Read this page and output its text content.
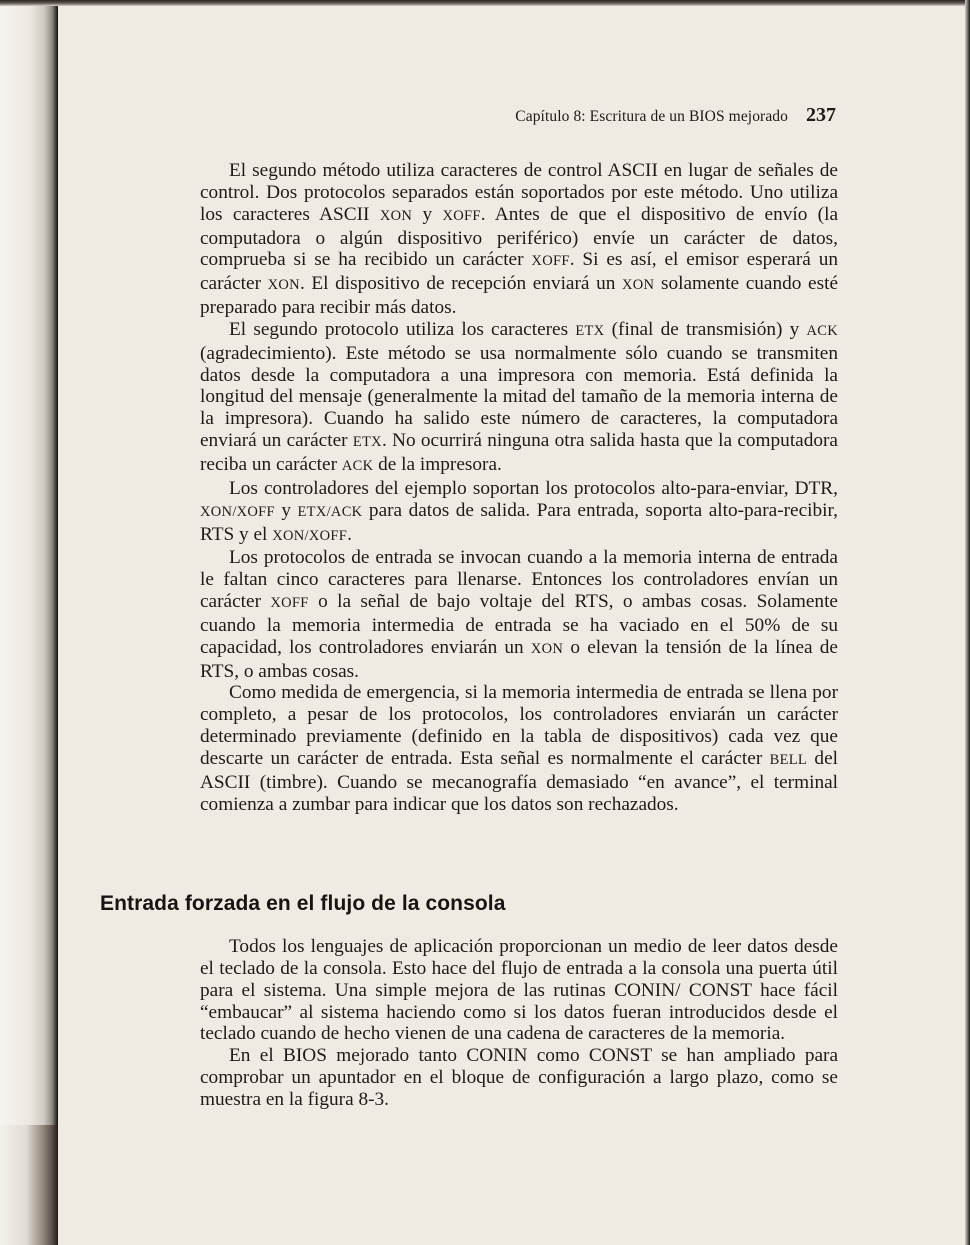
Capítulo 8: Escritura de un BIOS mejorado 237

El segundo método utiliza caracteres de control ASCII en lugar de señales de control. Dos protocolos separados están soportados por este método. Uno utiliza los caracteres ASCII XON y XOFF. Antes de que el dispositivo de envío (la computadora o algún dispositivo periférico) envíe un carácter de datos, comprueba si se ha recibido un carácter XOFF. Si es así, el emisor esperará un carácter XON. El dispositivo de recepción enviará un XON solamente cuando esté preparado para recibir más datos.

El segundo protocolo utiliza los caracteres ETX (final de transmisión) y ACK (agradecimiento). Este método se usa normalmente sólo cuando se transmiten datos desde la computadora a una impresora con memoria. Está definida la longitud del mensaje (generalmente la mitad del tamaño de la memoria interna de la impresora). Cuando ha salido este número de caracteres, la computadora enviará un carácter ETX. No ocurrirá ninguna otra salida hasta que la computadora reciba un carácter ACK de la impresora.

Los controladores del ejemplo soportan los protocolos alto-para-enviar, DTR, XON/XOFF y ETX/ACK para datos de salida. Para entrada, soporta alto-para-recibir, RTS y el XON/XOFF.

Los protocolos de entrada se invocan cuando a la memoria interna de entrada le faltan cinco caracteres para llenarse. Entonces los controladores envían un carácter XOFF o la señal de bajo voltaje del RTS, o ambas cosas. Solamente cuando la memoria intermedia de entrada se ha vaciado en el 50% de su capacidad, los controladores enviarán un XON o elevan la tensión de la línea de RTS, o ambas cosas.

Como medida de emergencia, si la memoria intermedia de entrada se llena por completo, a pesar de los protocolos, los controladores enviarán un carácter determinado previamente (definido en la tabla de dispositivos) cada vez que descarte un carácter de entrada. Esta señal es normalmente el carácter BELL del ASCII (timbre). Cuando se mecanografía demasiado “en avance”, el terminal comienza a zumbar para indicar que los datos son rechazados.

Entrada forzada en el flujo de la consola

Todos los lenguajes de aplicación proporcionan un medio de leer datos desde el teclado de la consola. Esto hace del flujo de entrada a la consola una puerta útil para el sistema. Una simple mejora de las rutinas CONIN/ CONST hace fácil “embaucar” al sistema haciendo como si los datos fueran introducidos desde el teclado cuando de hecho vienen de una cadena de caracteres de la memoria.

En el BIOS mejorado tanto CONIN como CONST se han ampliado para comprobar un apuntador en el bloque de configuración a largo plazo, como se muestra en la figura 8-3.
